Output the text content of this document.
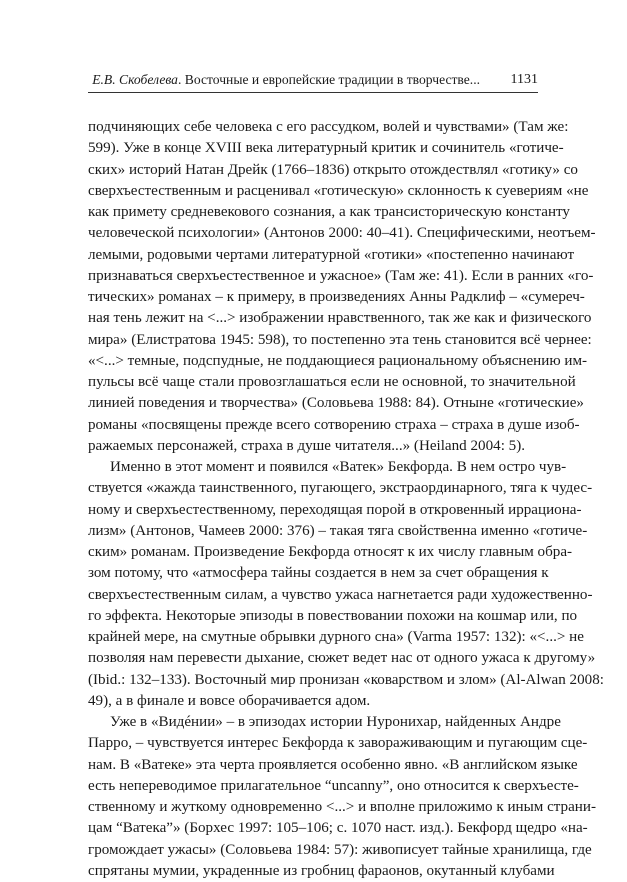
Е.В. Скобелева. Восточные и европейские традиции в творчестве... 1131
подчиняющих себе человека с его рассудком, волей и чувствами» (Там же:
599). Уже в конце XVIII века литературный критик и сочинитель «готиче-
ских» историй Натан Дрейк (1766–1836) открыто отождествлял «готику» со
сверхъестественным и расценивал «готическую» склонность к суевериям «не
как примету средневекового сознания, а как трансисторическую константу
человеческой психологии» (Антонов 2000: 40–41). Специфическими, неотъем-
лемыми, родовыми чертами литературной «готики» «постепенно начинают
признаваться сверхъестественное и ужасное» (Там же: 41). Если в ранних «го-
тических» романах – к примеру, в произведениях Анны Радклиф – «сумереч-
ная тень лежит на <...> изображении нравственного, так же как и физического
мира» (Елистратова 1945: 598), то постепенно эта тень становится всё чернее:
«<...> темные, подспудные, не поддающиеся рациональному объяснению им-
пульсы всё чаще стали провозглашаться если не основной, то значительной
линией поведения и творчества» (Соловьева 1988: 84). Отныне «готические»
романы «посвящены прежде всего сотворению страха – страха в душе изоб-
ражаемых персонажей, страха в душе читателя...» (Heiland 2004: 5).
Именно в этот момент и появился «Ватек» Бекфорда. В нем остро чув-
ствуется «жажда таинственного, пугающего, экстраординарного, тяга к чудес-
ному и сверхъестественному, переходящая порой в откровенный иррациона-
лизм» (Антонов, Чамеев 2000: 376) – такая тяга свойственна именно «готиче-
ским» романам. Произведение Бекфорда относят к их числу главным обра-
зом потому, что «атмосфера тайны создается в нем за счет обращения к
сверхъестественным силам, а чувство ужаса нагнетается ради художественно-
го эффекта. Некоторые эпизоды в повествовании похожи на кошмар или, по
крайней мере, на смутные обрывки дурного сна» (Varma 1957: 132): «<...> не
позволяя нам перевести дыхание, сюжет ведет нас от одного ужаса к другому»
(Ibid.: 132–133). Восточный мир пронизан «коварством и злом» (Al-Alwan 2008:
49), а в финале и вовсе оборачивается адом.
Уже в «Видéнии» – в эпизодах истории Нуронихар, найденных Андре
Парро, – чувствуется интерес Бекфорда к завораживающим и пугающим сце-
нам. В «Ватеке» эта черта проявляется особенно явно. «В английском языке
есть непереводимое прилагательное “uncanny”, оно относится к сверхъесте-
ственному и жуткому одновременно <...> и вполне приложимо к иным страни-
цам “Ватека”» (Борхес 1997: 105–106; с. 1070 наст. изд.). Бекфорд щедро «на-
громождает ужасы» (Соловьева 1984: 57): живописует тайные хранилища, где
спрятаны мумии, украденные из гробниц фараонов, окутанный клубами
